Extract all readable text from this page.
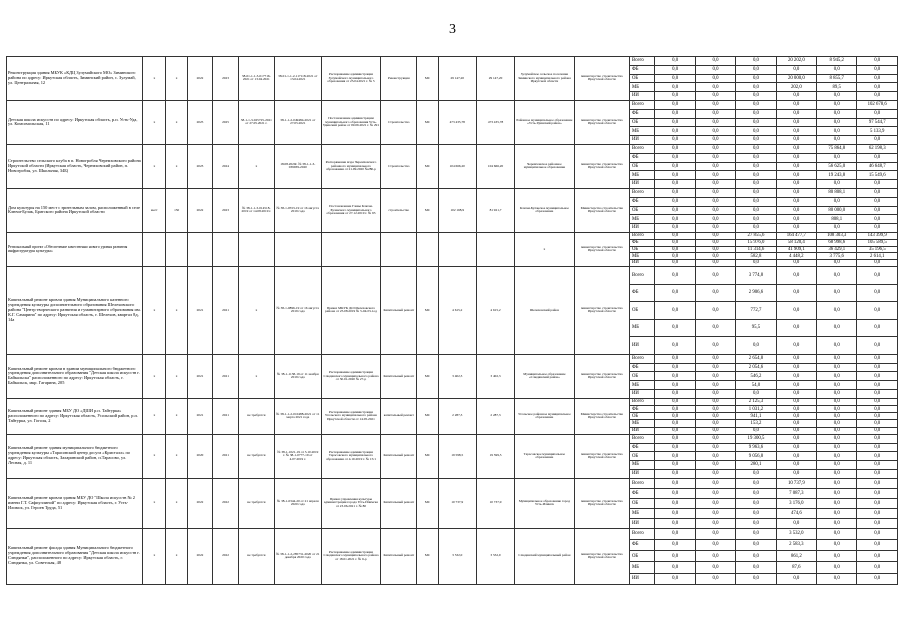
3
Реконструкция здания МБУК «КДЦ Зулумайского МО» Зиминского района по адресу: Иркутская область, Зиминский район, с. Зулумай, ул. Центральная, 12	х	х	2022	2023	38-01-1-1-3-017716-2021 от 13.04.2021	38-01-1-1-2-117118-2021 от 13.04.2021	Распоряжение администрации Зулумайского муниципального образования от 23.04.2021 г. № 5	Реконструкция	МС	29 147,20	29 147,20	Зулумайское сельское поселение Зиминского муниципального района Иркутской области	министерство строительства Иркутской области	Всего	0,0	0,0	0,0	20 202,0	8 945,2	0,0
														ФБ	0,0	0,0	0,0	0,0	0,0	0,0
														ОБ	0,0	0,0	0,0	20 000,0	8 855,7	0,0
														МБ	0,0	0,0	0,0	202,0	89,5	0,0
														ИИ	0,0	0,0	0,0	0,0	0,0	0,0
Детская школа искусств по адресу: Иркутская область, р.п. Усть-Уда, ул. Комсомольская, 11	х	х	2025	2025	38-1-1-3-025725-2021 от 27.05.2021 г.	38-1-1-2-049484-2021 от 27.05.2021	Постановление администрации муниципального образования Усть-Удинский район от 09.06.2021 г. № 291	Строительство	МС	473 435,78	473 435,78	Районное муниципальное образование «Усть-Удинский район»	министерство строительства Иркутской области	Всего	0,0	0,0	0,0	0,0	0,0	102 678,6
														ФБ	0,0	0,0	0,0	0,0	0,0	0,0
														ОБ	0,0	0,0	0,0	0,0	0,0	97 544,7
														МБ	0,0	0,0	0,0	0,0	0,0	5 133,9
														ИИ	0,0	0,0	0,0	0,0	0,0	0,0
Строительство сельского клуба в п. Новогробля Черемховского района Иркутской области (Иркутская область, Черемховский район, п. Новогробля, ул. Школьная, 34Б)	х	х	2023	2024	х	18.08.2020г. № 38-1-1-3-039939-2020	Распоряжение мэра Черемховского районного муниципального образования от 21.09.2020 №280-р	Строительство	МС	104 666,20	104 666,20	Черемховское районное муниципальное образование	министерство строительства Иркутской области	Всего	0,0	0,0	0,0	0,0	75 864,8	62 198,3
														ФБ	0,0	0,0	0,0	0,0	0,0	0,0
														ОБ	0,0	0,0	0,0	0,0	56 625,0	46 648,7
														МБ	0,0	0,0	0,0	0,0	19 243,8	15 549,6
														ИИ	0,0	0,0	0,0	0,0	0,0	0,0
Дом культуры на 150 мест с зрительным залом, расположенный в селе Ключи-Булак, Братского района Иркутской области	мест	150	2022	2023	№ 38-1-1-3-014518-2019 от 14.08.2019 г.	№ 38-1-0553-19 от 16 августа 2019 года	Постановление Главы Ключи-Булакского муниципального образования от 27.12.2019 г. № 93	строительство	МС	102 168,9	81 921,7	Ключи-Булакское муниципальное образование	Министерство строительства Иркутской области	Всего	0,0	0,0	0,0	0,0	80 808,1	0,0
														ФБ	0,0	0,0	0,0	0,0	0,0	0,0
														ОБ	0,0	0,0	0,0	0,0	80 000,0	0,0
														МБ	0,0	0,0	0,0	0,0	808,1	0,0
														ИИ	0,0	0,0	0,0	0,0	0,0	0,0
Региональный проект «Обеспечение качественно нового уровня развития инфраструктуры культуры»												х	министерство строительства Иркутской области	Всего	0,0	0,0	27 855,6	164 477,7	108 303,3	143 399,9
														ФБ	0,0	0,0	15 976,0	58 120,4	68 998,6	105 589,5
														ОБ	0,0	0,0	11 314,6	41 909,1	36 429,1	35 196,5
														МБ	0,0	0,0	582,8	4 448,2	3 775,6	2 614,1
														ИИ	0,0	0,0	0,0	0,0	0,0	0,0
Капитальный ремонт кровли здания Муниципального казенного учреждения культуры дополнительного образования Шелеховского района "Центр творческого развития и гуманитарного образования им. К.Г. Самарина" по адресу: Иркутская область, г. Шелехов, квартал 8д, 14а	х	х	2021	2021	х	№ 38-1-0896-19 от 16 августа 2019 года	Приказ МКУК ДО Шелеховского района от 25.08.2019 № 5-04/23-1од	Капитальный ремонт	МС	4 615,2	4 615,2	Шелеховский район	министерство строительства Иркутской области	Всего	0,0	0,0	3 774,8	0,0	0,0	0,0
														ФБ	0,0	0,0	2 906,6	0,0	0,0	0,0
														ОБ	0,0	0,0	772,7	0,0	0,0	0,0
														МБ	0,0	0,0	95,5	0,0	0,0	0,0
														ИИ	0,0	0,0	0,0	0,0	0,0	0,0
Капитальный ремонт кровли в здании муниципального бюджетного учреждения дополнительного образования "Детская школа искусств г. Байкальска" расположенного по адресу: Иркутская область, г. Байкальск, мкр. Гагарина, 205	х	х	2021	2021	х	№ 38-1-1138-19 от 11 ноября 2019 года	Распоряжение администрации Слюдянского муниципального района от 30.01.2020 № 27-р	Капитальный ремонт	МС	3 402,3	3 402,3	Муниципальное образование «Слюдянский район»	министерство строительства Иркутской области	Всего	0,0	0,0	2 654,8	0,0	0,0	0,0
														ФБ	0,0	0,0	2 054,6	0,0	0,0	0,0
														ОБ	0,0	0,0	546,2	0,0	0,0	0,0
														МБ	0,0	0,0	54,0	0,0	0,0	0,0
														ИИ	0,0	0,0	0,0	0,0	0,0	0,0
Капитальный ремонт здания МБУ ДО «ДШИ р.п. Тайтурка» расположенного по адресу: Иркутская область, Усольский район, р.п. Тайтурка, ул. Гоголя, 2	х	х	2021	2021	не требуется	№ 38-1-1-2-010488-2021 от 11 марта 2021 года	Распоряжение администрации Усольского муниципального района Иркутской области от 14.05.2021	капитальный ремонт	МС	2 287,3	2 287,3	Усольское районное муниципальное образование	Министерство строительства Иркутской области	Всего	0,0	0,0	2 125,3	0,0	0,0	0,0
														ФБ	0,0	0,0	1 031,2	0,0	0,0	0,0
														ОБ	0,0	0,0	941,1	0,0	0,0	0,0
														МБ	0,0	0,0	153,2	0,0	0,0	0,0
														ИИ	0,0	0,0	0,0	0,0	0,0	0,0
Капитальный ремонт здания муниципального бюджетного учреждения культуры «Тарасовский центр досуга «Кристалл» по адресу: Иркутская область, Заларинский район, п.Тарасово, ул. Лесная, д. 11	х	х	2020	2021	не требуется	№ 38-1-1021-19 от 3.10.2019 г. № 38-1-0777-19 от 4.07.2019 г.	Распоряжение администрации Тарасовского муниципального образования от 4.10.2019 г. № 15/1	Капитальный ремонт	МС	19 598,5	19 599,5	Тарасовское муниципальное образование	министерство строительства Иркутской области	Всего	0,0	0,0	19 300,5	0,0	0,0	0,0
														ФБ	0,0	0,0	9 963,6	0,0	0,0	0,0
														ОБ	0,0	0,0	9 056,8	0,0	0,0	0,0
														МБ	0,0	0,0	280,1	0,0	0,0	0,0
														ИИ	0,0	0,0	0,0	0,0	0,0	0,0
Капитальный ремонт кровли здания МБУ ДО "Школа искусств № 2 имени Г.Т. Сафиуллиной" по адресу: Иркутская область, г. Усть-Илимск, ул. Героев Труда, 51	х	х	2022	2022	не требуется	№ 38-1-0344-20 от 21 апреля 2020 года	Приказ управления культуры администрации города Усть-Илимска от 23.06.2021 г. № 80	Капитальный ремонт	МС	10 737,9	10 737,9	Муниципальное образование город Усть-Илимск	министерство строительства Иркутской области	Всего	0,0	0,0	0,0	10 737,9	0,0	0,0
														ФБ	0,0	0,0	0,0	7 087,3	0,0	0,0
														ОБ	0,0	0,0	0,0	3 176,0	0,0	0,0
														МБ	0,0	0,0	0,0	474,6	0,0	0,0
														ИИ	0,0	0,0	0,0	0,0	0,0	0,0
Капитальный ремонт фасада здания Муниципального бюджетного учреждения дополнительного образования "Детская школа искусств г. Слюдянки", расположенного по адресу: Иркутская область, г. Слюдянка, ул. Советская, 48	х	х	2022	2022	не требуется	№ 38-1-1-2-285731-2020 от 21 декабря 2020 года	Распоряжение администрации Слюдянского муниципального района от 18.01.2021 г. № 6-р	Капитальный ремонт	МС	3 532,0	3 532,0	Слюдянский муниципальный район	министерство строительства Иркутской области	Всего	0,0	0,0	0,0	3 532,0	0,0	0,0
														ФБ	0,0	0,0	0,0	2 583,3	0,0	0,0
														ОБ	0,0	0,0	0,0	861,2	0,0	0,0
														МБ	0,0	0,0	0,0	87,6	0,0	0,0
														ИИ	0,0	0,0	0,0	0,0	0,0	0,0
